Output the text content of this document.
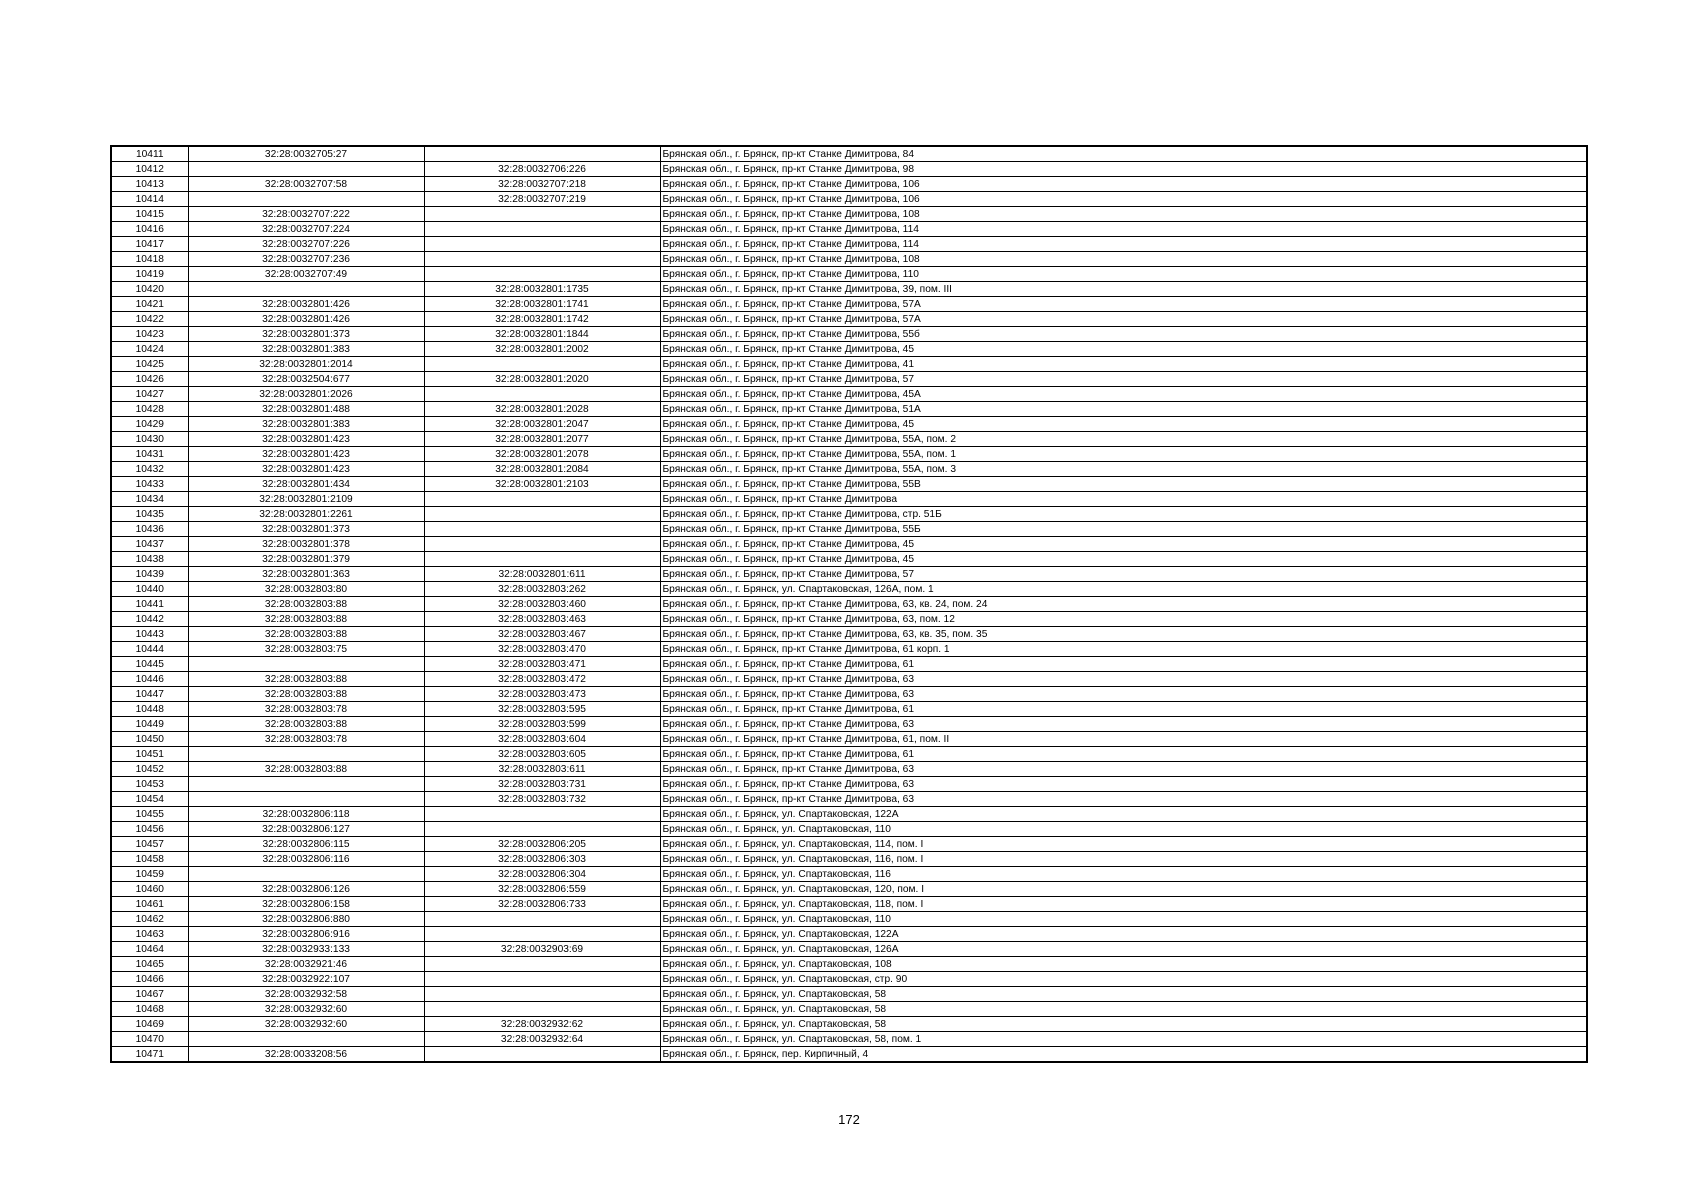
10411	32:28:0032705:27		Брянская обл., г. Брянск, пр-кт Станке Димитрова, 84
10412		32:28:0032706:226	Брянская обл., г. Брянск, пр-кт Станке Димитрова, 98
10413	32:28:0032707:58	32:28:0032707:218	Брянская обл., г. Брянск, пр-кт Станке Димитрова, 106
10414		32:28:0032707:219	Брянская обл., г. Брянск, пр-кт Станке Димитрова, 106
10415	32:28:0032707:222		Брянская обл., г. Брянск, пр-кт Станке Димитрова, 108
10416	32:28:0032707:224		Брянская обл., г. Брянск, пр-кт Станке Димитрова, 114
10417	32:28:0032707:226		Брянская обл., г. Брянск, пр-кт Станке Димитрова, 114
10418	32:28:0032707:236		Брянская обл., г. Брянск, пр-кт Станке Димитрова, 108
10419	32:28:0032707:49		Брянская обл., г. Брянск, пр-кт Станке Димитрова, 110
10420		32:28:0032801:1735	Брянская обл., г. Брянск, пр-кт Станке Димитрова, 39, пом. III
10421	32:28:0032801:426	32:28:0032801:1741	Брянская обл., г. Брянск, пр-кт Станке Димитрова, 57А
10422	32:28:0032801:426	32:28:0032801:1742	Брянская обл., г. Брянск, пр-кт Станке Димитрова, 57А
10423	32:28:0032801:373	32:28:0032801:1844	Брянская обл., г. Брянск, пр-кт Станке Димитрова, 55б
10424	32:28:0032801:383	32:28:0032801:2002	Брянская обл., г. Брянск, пр-кт Станке Димитрова, 45
10425	32:28:0032801:2014		Брянская обл., г. Брянск, пр-кт Станке Димитрова, 41
10426	32:28:0032504:677	32:28:0032801:2020	Брянская обл., г. Брянск, пр-кт Станке Димитрова, 57
10427	32:28:0032801:2026		Брянская обл., г. Брянск, пр-кт Станке Димитрова, 45А
10428	32:28:0032801:488	32:28:0032801:2028	Брянская обл., г. Брянск, пр-кт Станке Димитрова, 51А
10429	32:28:0032801:383	32:28:0032801:2047	Брянская обл., г. Брянск, пр-кт Станке Димитрова, 45
10430	32:28:0032801:423	32:28:0032801:2077	Брянская обл., г. Брянск, пр-кт Станке Димитрова, 55А, пом. 2
10431	32:28:0032801:423	32:28:0032801:2078	Брянская обл., г. Брянск, пр-кт Станке Димитрова, 55А, пом. 1
10432	32:28:0032801:423	32:28:0032801:2084	Брянская обл., г. Брянск, пр-кт Станке Димитрова, 55А, пом. 3
10433	32:28:0032801:434	32:28:0032801:2103	Брянская обл., г. Брянск, пр-кт Станке Димитрова, 55В
10434	32:28:0032801:2109		Брянская обл., г. Брянск, пр-кт Станке Димитрова
10435	32:28:0032801:2261		Брянская обл., г. Брянск, пр-кт Станке Димитрова, стр. 51Б
10436	32:28:0032801:373		Брянская обл., г. Брянск, пр-кт Станке Димитрова, 55Б
10437	32:28:0032801:378		Брянская обл., г. Брянск, пр-кт Станке Димитрова, 45
10438	32:28:0032801:379		Брянская обл., г. Брянск, пр-кт Станке Димитрова, 45
10439	32:28:0032801:363	32:28:0032801:611	Брянская обл., г. Брянск, пр-кт Станке Димитрова, 57
10440	32:28:0032803:80	32:28:0032803:262	Брянская обл., г. Брянск, ул. Спартаковская, 126А, пом. 1
10441	32:28:0032803:88	32:28:0032803:460	Брянская обл., г. Брянск, пр-кт Станке Димитрова, 63, кв. 24, пом. 24
10442	32:28:0032803:88	32:28:0032803:463	Брянская обл., г. Брянск, пр-кт Станке Димитрова, 63, пом. 12
10443	32:28:0032803:88	32:28:0032803:467	Брянская обл., г. Брянск, пр-кт Станке Димитрова, 63, кв. 35, пом. 35
10444	32:28:0032803:75	32:28:0032803:470	Брянская обл., г. Брянск, пр-кт Станке Димитрова, 61 корп. 1
10445		32:28:0032803:471	Брянская обл., г. Брянск, пр-кт Станке Димитрова, 61
10446	32:28:0032803:88	32:28:0032803:472	Брянская обл., г. Брянск, пр-кт Станке Димитрова, 63
10447	32:28:0032803:88	32:28:0032803:473	Брянская обл., г. Брянск, пр-кт Станке Димитрова, 63
10448	32:28:0032803:78	32:28:0032803:595	Брянская обл., г. Брянск, пр-кт Станке Димитрова, 61
10449	32:28:0032803:88	32:28:0032803:599	Брянская обл., г. Брянск, пр-кт Станке Димитрова, 63
10450	32:28:0032803:78	32:28:0032803:604	Брянская обл., г. Брянск, пр-кт Станке Димитрова, 61, пом. II
10451		32:28:0032803:605	Брянская обл., г. Брянск, пр-кт Станке Димитрова, 61
10452	32:28:0032803:88	32:28:0032803:611	Брянская обл., г. Брянск, пр-кт Станке Димитрова, 63
10453		32:28:0032803:731	Брянская обл., г. Брянск, пр-кт Станке Димитрова, 63
10454		32:28:0032803:732	Брянская обл., г. Брянск, пр-кт Станке Димитрова, 63
10455	32:28:0032806:118		Брянская обл., г. Брянск, ул. Спартаковская, 122А
10456	32:28:0032806:127		Брянская обл., г. Брянск, ул. Спартаковская, 110
10457	32:28:0032806:115	32:28:0032806:205	Брянская обл., г. Брянск, ул. Спартаковская, 114, пом. I
10458	32:28:0032806:116	32:28:0032806:303	Брянская обл., г. Брянск, ул. Спартаковская, 116, пом. I
10459		32:28:0032806:304	Брянская обл., г. Брянск, ул. Спартаковская, 116
10460	32:28:0032806:126	32:28:0032806:559	Брянская обл., г. Брянск, ул. Спартаковская, 120, пом. I
10461	32:28:0032806:158	32:28:0032806:733	Брянская обл., г. Брянск, ул. Спартаковская, 118, пом. I
10462	32:28:0032806:880		Брянская обл., г. Брянск, ул. Спартаковская, 110
10463	32:28:0032806:916		Брянская обл., г. Брянск, ул. Спартаковская, 122А
10464	32:28:0032933:133	32:28:0032903:69	Брянская обл., г. Брянск, ул. Спартаковская, 126А
10465	32:28:0032921:46		Брянская обл., г. Брянск, ул. Спартаковская, 108
10466	32:28:0032922:107		Брянская обл., г. Брянск, ул. Спартаковская, стр. 90
10467	32:28:0032932:58		Брянская обл., г. Брянск, ул. Спартаковская, 58
10468	32:28:0032932:60		Брянская обл., г. Брянск, ул. Спартаковская, 58
10469	32:28:0032932:60	32:28:0032932:62	Брянская обл., г. Брянск, ул. Спартаковская, 58
10470		32:28:0032932:64	Брянская обл., г. Брянск, ул. Спартаковская, 58, пом. 1
10471	32:28:0033208:56		Брянская обл., г. Брянск, пер. Кирпичный, 4
172
